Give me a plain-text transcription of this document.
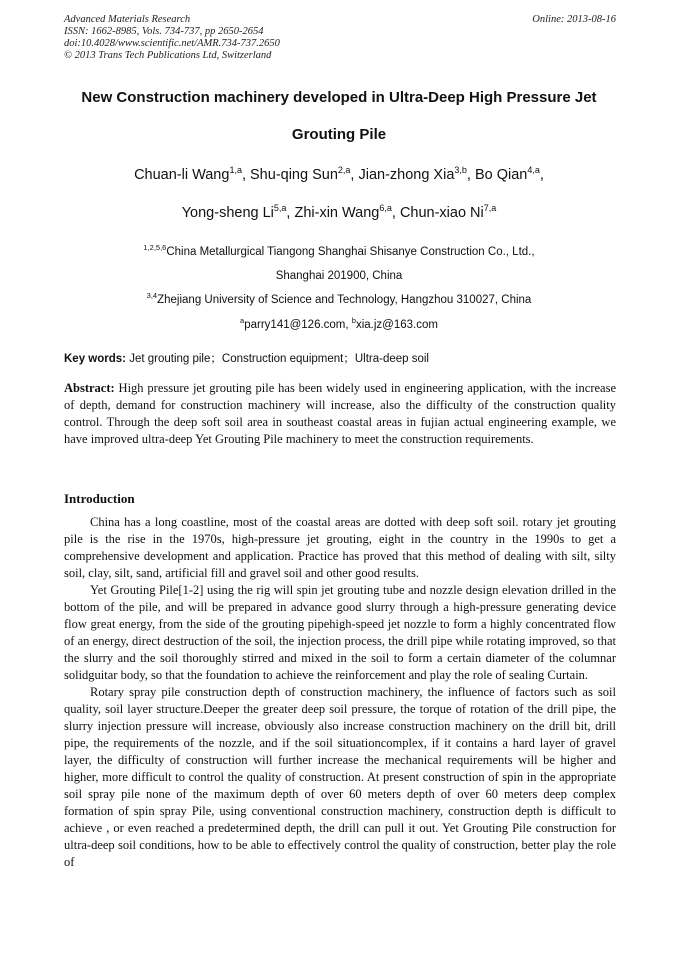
Advanced Materials Research
ISSN: 1662-8985, Vols. 734-737, pp 2650-2654
doi:10.4028/www.scientific.net/AMR.734-737.2650
© 2013 Trans Tech Publications Ltd, Switzerland
Online: 2013-08-16
New Construction machinery developed in Ultra-Deep High Pressure Jet
Grouting Pile
Chuan-li Wang$^{1,a}$, Shu-qing Sun$^{2,a}$, Jian-zhong Xia$^{3,b}$, Bo Qian$^{4,a}$,
Yong-sheng Li$^{5,a}$, Zhi-xin Wang$^{6,a}$, Chun-xiao Ni$^{7,a}$
$^{1,2,5,6}$China Metallurgical Tiangong Shanghai Shisanye Construction Co., Ltd.,
Shanghai 201900, China
$^{3,4}$Zhejiang University of Science and Technology, Hangzhou 310027, China
$^a$parry141@126.com, $^b$xia.jz@163.com
Key words: Jet grouting pile；Construction equipment；Ultra-deep soil
Abstract: High pressure jet grouting pile has been widely used in engineering application, with the increase of depth, demand for construction machinery will increase, also the difficulty of the construction quality control. Through the deep soft soil area in southeast coastal areas in fujian actual engineering example, we have improved ultra-deep Yet Grouting Pile machinery to meet the construction requirements.
Introduction

China has a long coastline, most of the coastal areas are dotted with deep soft soil. rotary jet grouting pile is the rise in the 1970s, high-pressure jet grouting, eight in the country in the 1990s to get a comprehensive development and application. Practice has proved that this method of dealing with silt, silty soil, clay, silt, sand, artificial fill and gravel soil and other good results.

Yet Grouting Pile[1-2] using the rig will spin jet grouting tube and nozzle design elevation drilled in the bottom of the pile, and will be prepared in advance good slurry through a high-pressure generating device flow great energy, from the side of the grouting pipehigh-speed jet nozzle to form a highly concentrated flow of an energy, direct destruction of the soil, the injection process, the drill pipe while rotating improved, so that the slurry and the soil thoroughly stirred and mixed in the soil to form a certain diameter of the columnar solidguitar body, so that the foundation to achieve the reinforcement and play the role of sealing Curtain.

Rotary spray pile construction depth of construction machinery, the influence of factors such as soil quality, soil layer structure.Deeper the greater deep soil pressure, the torque of rotation of the drill pipe, the slurry injection pressure will increase, obviously also increase construction machinery on the drill bit, drill pipe, the requirements of the nozzle, and if the soil situationcomplex, if it contains a hard layer of gravel layer, the difficulty of construction will further increase the mechanical requirements will be higher and higher, more difficult to control the quality of construction. At present construction of spin in the appropriate soil spray pile none of the maximum depth of over 60 meters depth of over 60 meters deep complex formation of spin spray Pile, using conventional construction machinery, construction depth is difficult to achieve , or even reached a predetermined depth, the drill can pull it out. Yet Grouting Pile construction for ultra-deep soil conditions, how to be able to effectively control the quality of construction, better play the role of
